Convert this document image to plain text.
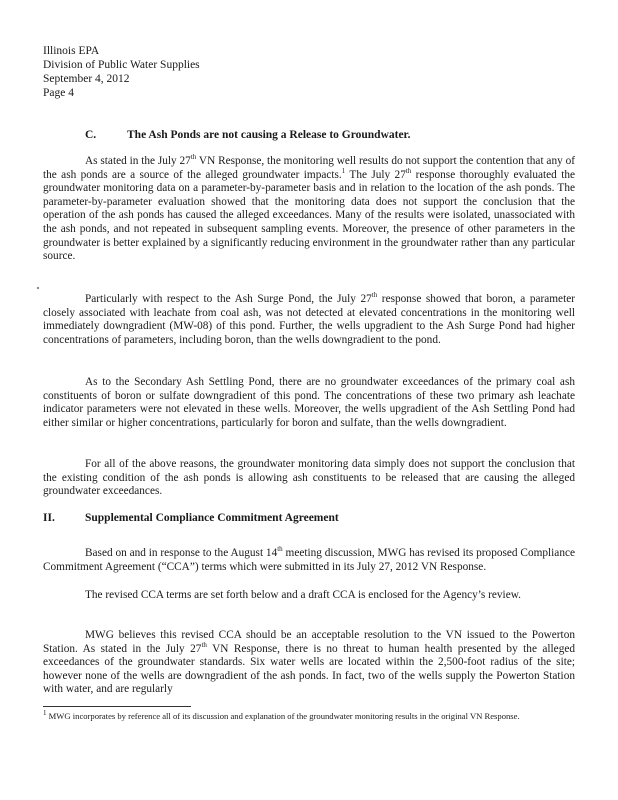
Illinois EPA
Division of Public Water Supplies
September 4, 2012
Page 4
C.	The Ash Ponds are not causing a Release to Groundwater.
As stated in the July 27th VN Response, the monitoring well results do not support the contention that any of the ash ponds are a source of the alleged groundwater impacts.$^1$ The July 27th response thoroughly evaluated the groundwater monitoring data on a parameter-by-parameter basis and in relation to the location of the ash ponds. The parameter-by-parameter evaluation showed that the monitoring data does not support the conclusion that the operation of the ash ponds has caused the alleged exceedances. Many of the results were isolated, unassociated with the ash ponds, and not repeated in subsequent sampling events. Moreover, the presence of other parameters in the groundwater is better explained by a significantly reducing environment in the groundwater rather than any particular source.
Particularly with respect to the Ash Surge Pond, the July 27th response showed that boron, a parameter closely associated with leachate from coal ash, was not detected at elevated concentrations in the monitoring well immediately downgradient (MW-08) of this pond. Further, the wells upgradient to the Ash Surge Pond had higher concentrations of parameters, including boron, than the wells downgradient to the pond.
As to the Secondary Ash Settling Pond, there are no groundwater exceedances of the primary coal ash constituents of boron or sulfate downgradient of this pond. The concentrations of these two primary ash leachate indicator parameters were not elevated in these wells. Moreover, the wells upgradient of the Ash Settling Pond had either similar or higher concentrations, particularly for boron and sulfate, than the wells downgradient.
For all of the above reasons, the groundwater monitoring data simply does not support the conclusion that the existing condition of the ash ponds is allowing ash constituents to be released that are causing the alleged groundwater exceedances.
II.	Supplemental Compliance Commitment Agreement
Based on and in response to the August 14th meeting discussion, MWG has revised its proposed Compliance Commitment Agreement (“CCA”) terms which were submitted in its July 27, 2012 VN Response.
The revised CCA terms are set forth below and a draft CCA is enclosed for the Agency’s review.
MWG believes this revised CCA should be an acceptable resolution to the VN issued to the Powerton Station. As stated in the July 27th VN Response, there is no threat to human health presented by the alleged exceedances of the groundwater standards. Six water wells are located within the 2,500-foot radius of the site; however none of the wells are downgradient of the ash ponds. In fact, two of the wells supply the Powerton Station with water, and are regularly
$^1$ MWG incorporates by reference all of its discussion and explanation of the groundwater monitoring results in the original VN Response.
